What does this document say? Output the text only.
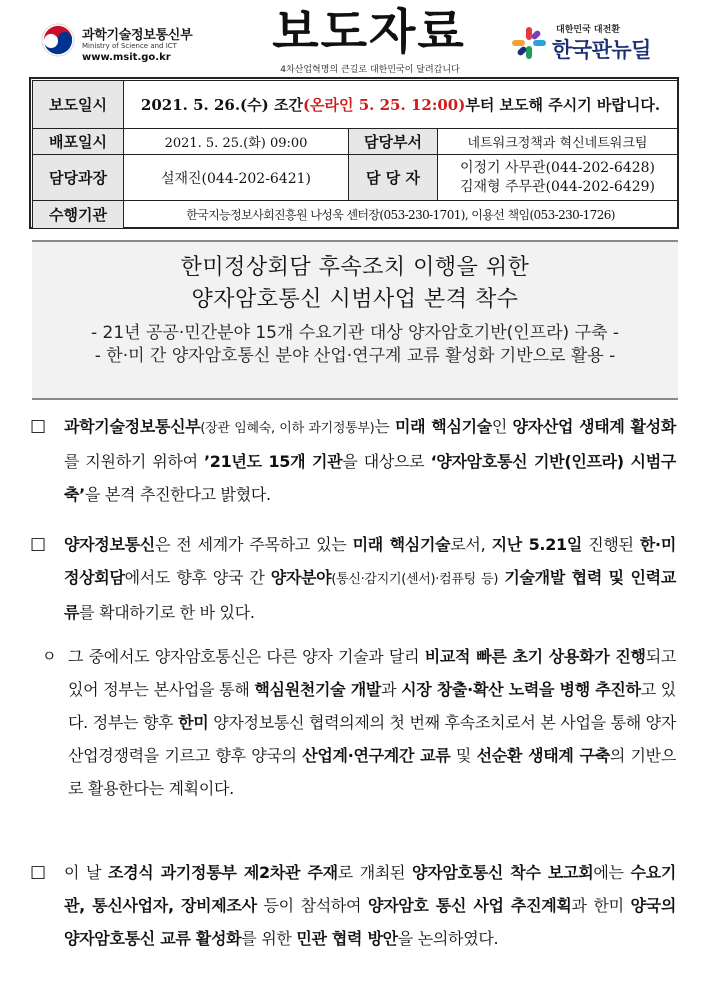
과학기술정보통신부
Ministry of Science and ICT
www.msit.go.kr 보도자료
4차산업혁명의 큰길로 대한민국이 달려갑니다
대한민국 대전환
한국판뉴딜
보도일시	2021. 5. 26.(수) 조간(온라인 5. 25. 12:00)부터 보도해 주시기 바랍니다.		
배포일시	2021. 5. 25.(화) 09:00	담당부서	네트워크정책과 혁신네트워크팀
담당과장	설재진(044-202-6421)	담 당 자	이정기 사무관(044-202-6428)
김재형 주무관(044-202-6429)

수행기관	한국지능정보사회진흥원 나성욱 센터장(053-230-1701), 이용선 책임(053-230-1726)		
한미정상회담 후속조치 이행을 위한
양자암호통신 시범사업 본격 착수
- 21년 공공·민간분야 15개 수요기관 대상 양자암호기반(인프라) 구축 -
- 한·미 간 양자암호통신 분야 산업·연구계 교류 활성화 기반으로 활용 -
□ 과학기술정보통신부(장관 임혜숙, 이하 과기정통부)는 미래 핵심기술인 양자산업 생태계 활성화를 지원하기 위하여 ’21년도 15개 기관을 대상으로 ‘양자암호통신 기반(인프라) 시범구축’을 본격 추진한다고 밝혔다.
□ 양자정보통신은 전 세계가 주목하고 있는 미래 핵심기술로서, 지난 5.21일 진행된 한·미 정상회담에서도 향후 양국 간 양자분야(통신·감지기(센서)·컴퓨팅 등) 기술개발 협력 및 인력교류를 확대하기로 한 바 있다.
ㅇ 그 중에서도 양자암호통신은 다른 양자 기술과 달리 비교적 빠른 초기 상용화가 진행되고 있어 정부는 본사업을 통해 핵심원천기술 개발과 시장 창출·확산 노력을 병행 추진하고 있다. 정부는 향후 한미 양자정보통신 협력의제의 첫 번째 후속조치로서 본 사업을 통해 양자 산업경쟁력을 기르고 향후 양국의 산업계·연구계간 교류 및 선순환 생태계 구축의 기반으로 활용한다는 계획이다.
□ 이 날 조경식 과기정통부 제2차관 주재로 개최된 양자암호통신 착수 보고회에는 수요기관, 통신사업자, 장비제조사 등이 참석하여 양자암호 통신 사업 추진계획과 한미 양국의 양자암호통신 교류 활성화를 위한 민관 협력 방안을 논의하였다.
